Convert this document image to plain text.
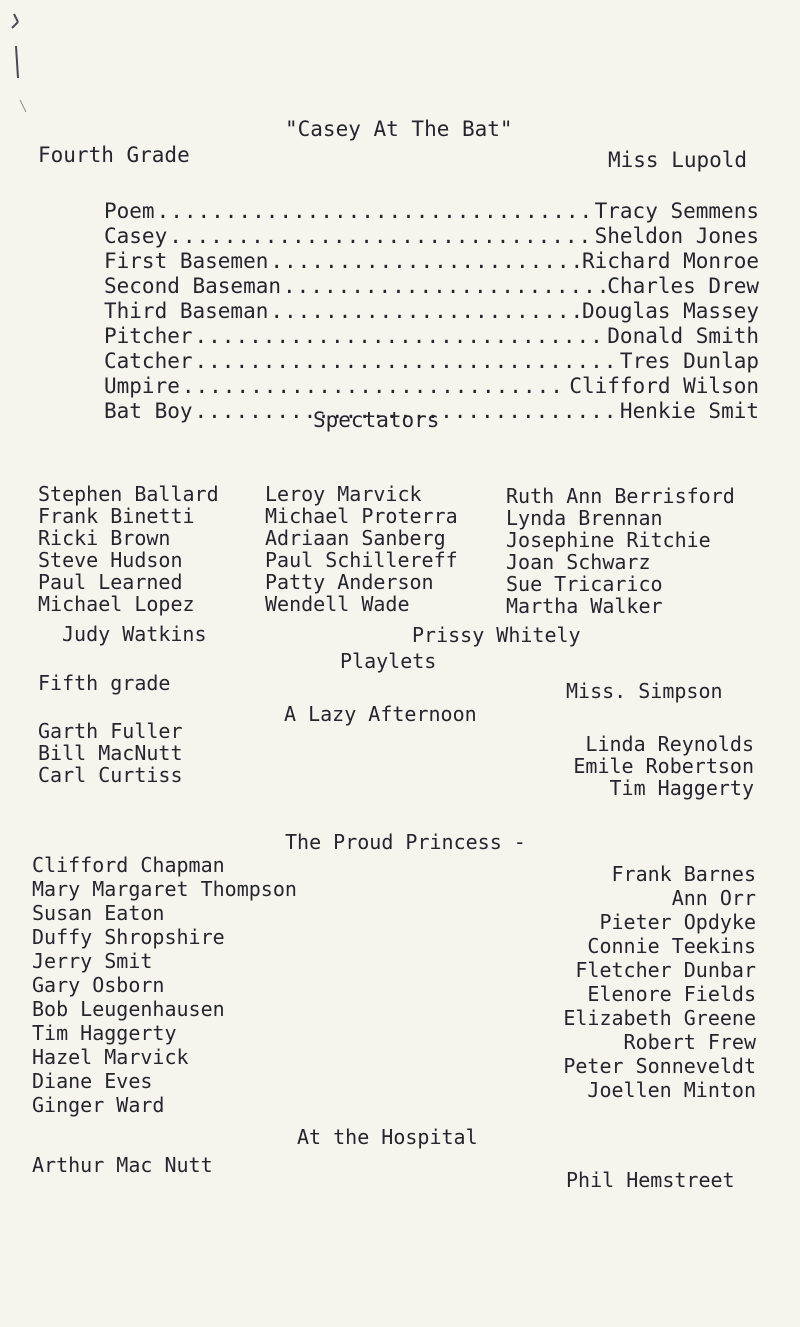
"Casey At The Bat"
Fourth Grade	Miss Lupold
Poem .....	Tracy Semmens
Casey .....	Sheldon Jones
First Basemen .....	Richard Monroe
Second Baseman .....	Charles Drew
Third Baseman .....	Douglas Massey
Pitcher .....	Donald Smith
Catcher .....	Tres Dunlap
Umpire .....	Clifford Wilson
Bat Boy .....	Henkie Smit
Spectators
Stephen Ballard
Frank Binetti
Ricki Brown
Steve Hudson
Paul Learned
Michael Lopez
Leroy Marvick
Michael Proterra
Adriaan Sanberg
Paul Schillereff
Patty Anderson
Wendell Wade
Ruth Ann Berrisford
Lynda Brennan
Josephine Ritchie
Joan Schwarz
Sue Tricarico
Martha Walker
Judy Watkins	Prissy Whitely
Playlets
Fifth grade	Miss. Simpson
A Lazy Afternoon
Garth Fuller
Bill MacNutt
Carl Curtiss
Linda Reynolds
Emile Robertson
Tim Haggerty
The Proud Princess -
Clifford Chapman
Mary Margaret Thompson
Susan Eaton
Duffy Shropshire
Jerry Smit
Gary Osborn
Bob Leugenhausen
Tim Haggerty
Hazel Marvick
Diane Eves
Ginger Ward
Frank Barnes
Ann Orr
Pieter Opdyke
Connie Teekins
Fletcher Dunbar
Elenore Fields
Elizabeth Greene
Robert Frew
Peter Sonneveldt
Joellen Minton
At the Hospital
Arthur Mac Nutt
Phil Hemstreet
